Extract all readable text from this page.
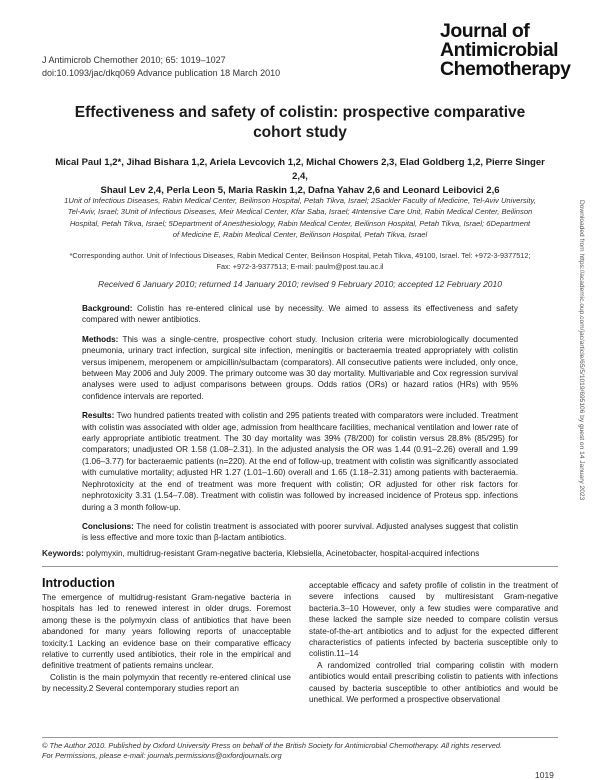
J Antimicrob Chemother 2010; 65: 1019–1027
doi:10.1093/jac/dkq069 Advance publication 18 March 2010
Journal of
Antimicrobial
Chemotherapy
Effectiveness and safety of colistin: prospective comparative
cohort study
Mical Paul 1,2*, Jihad Bishara 1,2, Ariela Levcovich 1,2, Michal Chowers 2,3, Elad Goldberg 1,2, Pierre Singer 2,4,
Shaul Lev 2,4, Perla Leon 5, Maria Raskin 1,2, Dafna Yahav 2,6 and Leonard Leibovici 2,6
1Unit of Infectious Diseases, Rabin Medical Center, Beilinson Hospital, Petah Tikva, Israel; 2Sackler Faculty of Medicine, Tel-Aviv University,
Tel-Aviv, Israel; 3Unit of Infectious Diseases, Meir Medical Center, Kfar Saba, Israel; 4Intensive Care Unit, Rabin Medical Center, Beilinson
Hospital, Petah Tikva, Israel; 5Department of Anesthesiology, Rabin Medical Center, Beilinson Hospital, Petah Tikva, Israel; 6Department
of Medicine E, Rabin Medical Center, Beilinson Hospital, Petah Tikva, Israel
*Corresponding author. Unit of Infectious Diseases, Rabin Medical Center, Beilinson Hospital, Petah Tikva, 49100, Israel. Tel: +972-3-9377512;
Fax: +972-3-9377513; E-mail: paulm@post.tau.ac.il
Received 6 January 2010; returned 14 January 2010; revised 9 February 2010; accepted 12 February 2010

Background: Colistin has re-entered clinical use by necessity. We aimed to assess its effectiveness and safety compared with newer antibiotics.

Methods: This was a single-centre, prospective cohort study. Inclusion criteria were microbiologically documented pneumonia, urinary tract infection, surgical site infection, meningitis or bacteraemia treated appropriately with colistin versus imipenem, meropenem or ampicillin/sulbactam (comparators). All consecutive patients were included, only once, between May 2006 and July 2009. The primary outcome was 30 day mortality. Multivariable and Cox regression survival analyses were used to adjust comparisons between groups. Odds ratios (ORs) or hazard ratios (HRs) with 95% confidence intervals are reported.

Results: Two hundred patients treated with colistin and 295 patients treated with comparators were included. Treatment with colistin was associated with older age, admission from healthcare facilities, mechanical ventilation and lower rate of early appropriate antibiotic treatment. The 30 day mortality was 39% (78/200) for colistin versus 28.8% (85/295) for comparators; unadjusted OR 1.58 (1.08–2.31). In the adjusted analysis the OR was 1.44 (0.91–2.26) overall and 1.99 (1.06–3.77) for bacteraemic patients (n=220). At the end of follow-up, treatment with colistin was significantly associated with cumulative mortality; adjusted HR 1.27 (1.01–1.60) overall and 1.65 (1.18–2.31) among patients with bacteraemia. Nephrotoxicity at the end of treatment was more frequent with colistin; OR adjusted for other risk factors for nephrotoxicity 3.31 (1.54–7.08). Treatment with colistin was followed by increased incidence of Proteus spp. infections during a 3 month follow-up.

Conclusions: The need for colistin treatment is associated with poorer survival. Adjusted analyses suggest that colistin is less effective and more toxic than β-lactam antibiotics.

Keywords: polymyxin, multidrug-resistant Gram-negative bacteria, Klebsiella, Acinetobacter, hospital-acquired infections
Introduction

The emergence of multidrug-resistant Gram-negative bacteria in hospitals has led to renewed interest in older drugs. Foremost among these is the polymyxin class of antibiotics that have been abandoned for many years following reports of unacceptable toxicity.1 Lacking an evidence base on their comparative efficacy relative to currently used antibiotics, their role in the empirical and definitive treatment of patients remains unclear.

Colistin is the main polymyxin that recently re-entered clinical use by necessity.2 Several contemporary studies report an

acceptable efficacy and safety profile of colistin in the treatment of severe infections caused by multiresistant Gram-negative bacteria.3–10 However, only a few studies were comparative and these lacked the sample size needed to compare colistin versus state-of-the-art antibiotics and to adjust for the expected different characteristics of patients infected by bacteria susceptible only to colistin.11–14

A randomized controlled trial comparing colistin with modern antibiotics would entail prescribing colistin to patients with infections caused by bacteria susceptible to other antibiotics and would be unethical. We performed a prospective observational

© The Author 2010. Published by Oxford University Press on behalf of the British Society for Antimicrobial Chemotherapy. All rights reserved.
For Permissions, please e-mail: journals.permissions@oxfordjournals.org
1019
Downloaded from https://academic.oup.com/jac/article/65/5/1019/695106 by guest on 14 January 2023
